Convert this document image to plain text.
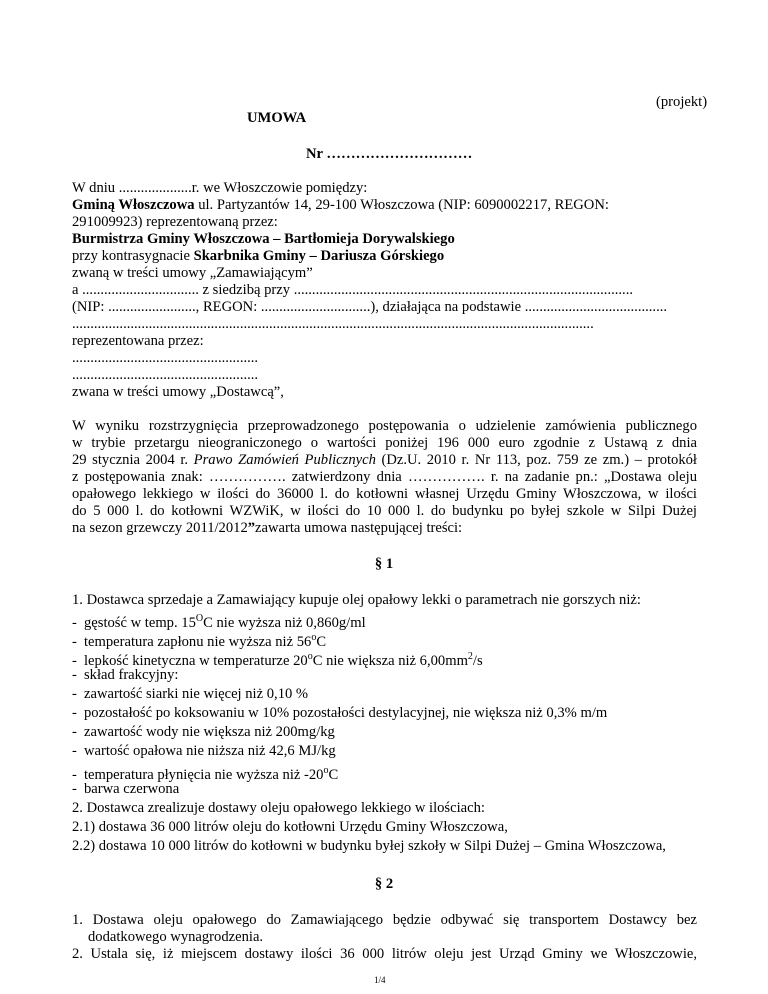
(projekt)
UMOWA
Nr …………………………
W dniu ....................r. we Włoszczowie pomiędzy:
Gminą Włoszczowa ul. Partyzantów 14, 29-100 Włoszczowa (NIP: 6090002217, REGON:
291009923) reprezentowaną przez:
Burmistrza Gminy Włoszczowa – Bartłomieja Dorywalskiego
przy kontrasygnacie Skarbnika Gminy – Dariusza Górskiego
zwaną w treści umowy „Zamawiającym”
a ................................ z siedzibą przy .............................................................................................
(NIP: ........................, REGON: ..............................), działająca na podstawie .......................................
...............................................................................................................................................
reprezentowana przez:
...................................................
...................................................
zwana w treści umowy „Dostawcą”,
W wyniku rozstrzygnięcia przeprowadzonego postępowania o udzielenie zamówienia publicznego
w trybie przetargu nieograniczonego o wartości poniżej 196 000 euro zgodnie z Ustawą z dnia
29 stycznia 2004 r. Prawo Zamówień Publicznych (Dz.U. 2010 r. Nr 113, poz. 759 ze zm.) – protokół
z postępowania znak: ……………. zatwierdzony dnia ……………. r. na zadanie pn.: „Dostawa oleju
opałowego lekkiego w ilości do 36000 l. do kotłowni własnej Urzędu Gminy Włoszczowa, w ilości
do 5 000 l. do kotłowni WZWiK, w ilości do 10 000 l. do budynku po byłej szkole w Silpi Dużej
na sezon grzewczy 2011/2012”zawarta umowa następującej treści:
§ 1
1. Dostawca sprzedaje a Zamawiający kupuje olej opałowy lekki o parametrach nie gorszych niż:
- gęstość w temp. 15$^O$C nie wyższa niż 0,860g/ml
- temperatura zapłonu nie wyższa niż 56$^o$C
- lepkość kinetyczna w temperaturze 20$^o$C nie większa niż 6,00mm$^2$/s
- skład frakcyjny:
- zawartość siarki nie więcej niż 0,10 %
- pozostałość po koksowaniu w 10% pozostałości destylacyjnej, nie większa niż 0,3% m/m
- zawartość wody nie większa niż 200mg/kg
- wartość opałowa nie niższa niż 42,6 MJ/kg
- temperatura płynięcia nie wyższa niż -20$^o$C
- barwa czerwona
2. Dostawca zrealizuje dostawy oleju opałowego lekkiego w ilościach:
2.1) dostawa 36 000 litrów oleju do kotłowni Urzędu Gminy Włoszczowa,
2.2) dostawa 10 000 litrów do kotłowni w budynku byłej szkoły w Silpi Dużej – Gmina Włoszczowa,
§ 2
1. Dostawa oleju opałowego do Zamawiającego będzie odbywać się transportem Dostawcy bez
dodatkowego wynagrodzenia.
2. Ustala się, iż miejscem dostawy ilości 36 000 litrów oleju jest Urząd Gminy we Włoszczowie,
1/4
